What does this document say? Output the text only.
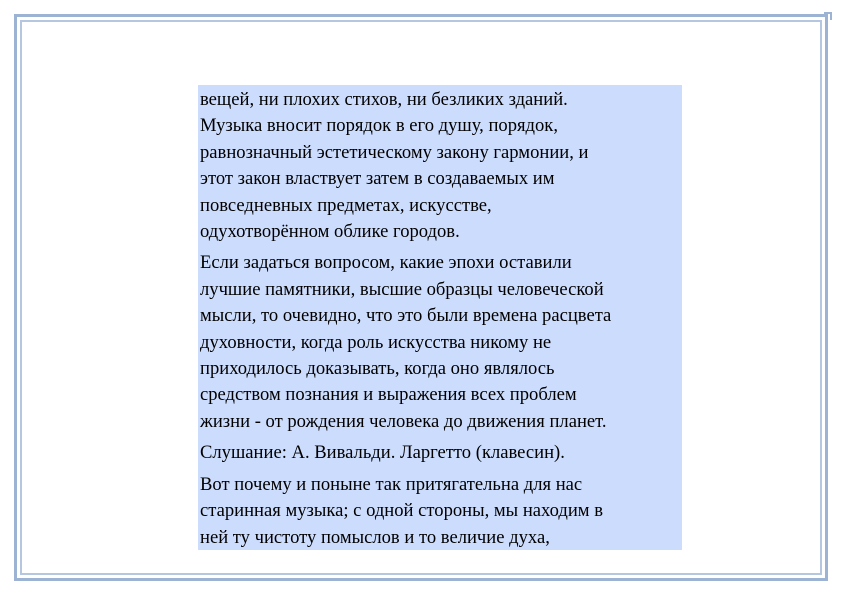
вещей, ни плохих стихов, ни безликих зданий.
Музыка вносит порядок в его душу, порядок,
равнозначный эстетическому закону гармонии, и
этот закон властвует затем в создаваемых им
повседневных предметах, искусстве,
одухотворённом облике городов.

Если задаться вопросом, какие эпохи оставили
лучшие памятники, высшие образцы человеческой
мысли, то очевидно, что это были времена расцвета
духовности, когда роль искусства никому не
приходилось доказывать, когда оно являлось
средством познания и выражения всех проблем
жизни - от рождения человека до движения планет.

Слушание: А. Вивальди. Ларгетто (клавесин).

Вот почему и поныне так притягательна для нас
старинная музыка; с одной стороны, мы находим в
ней ту чистоту помыслов и то величие духа,
